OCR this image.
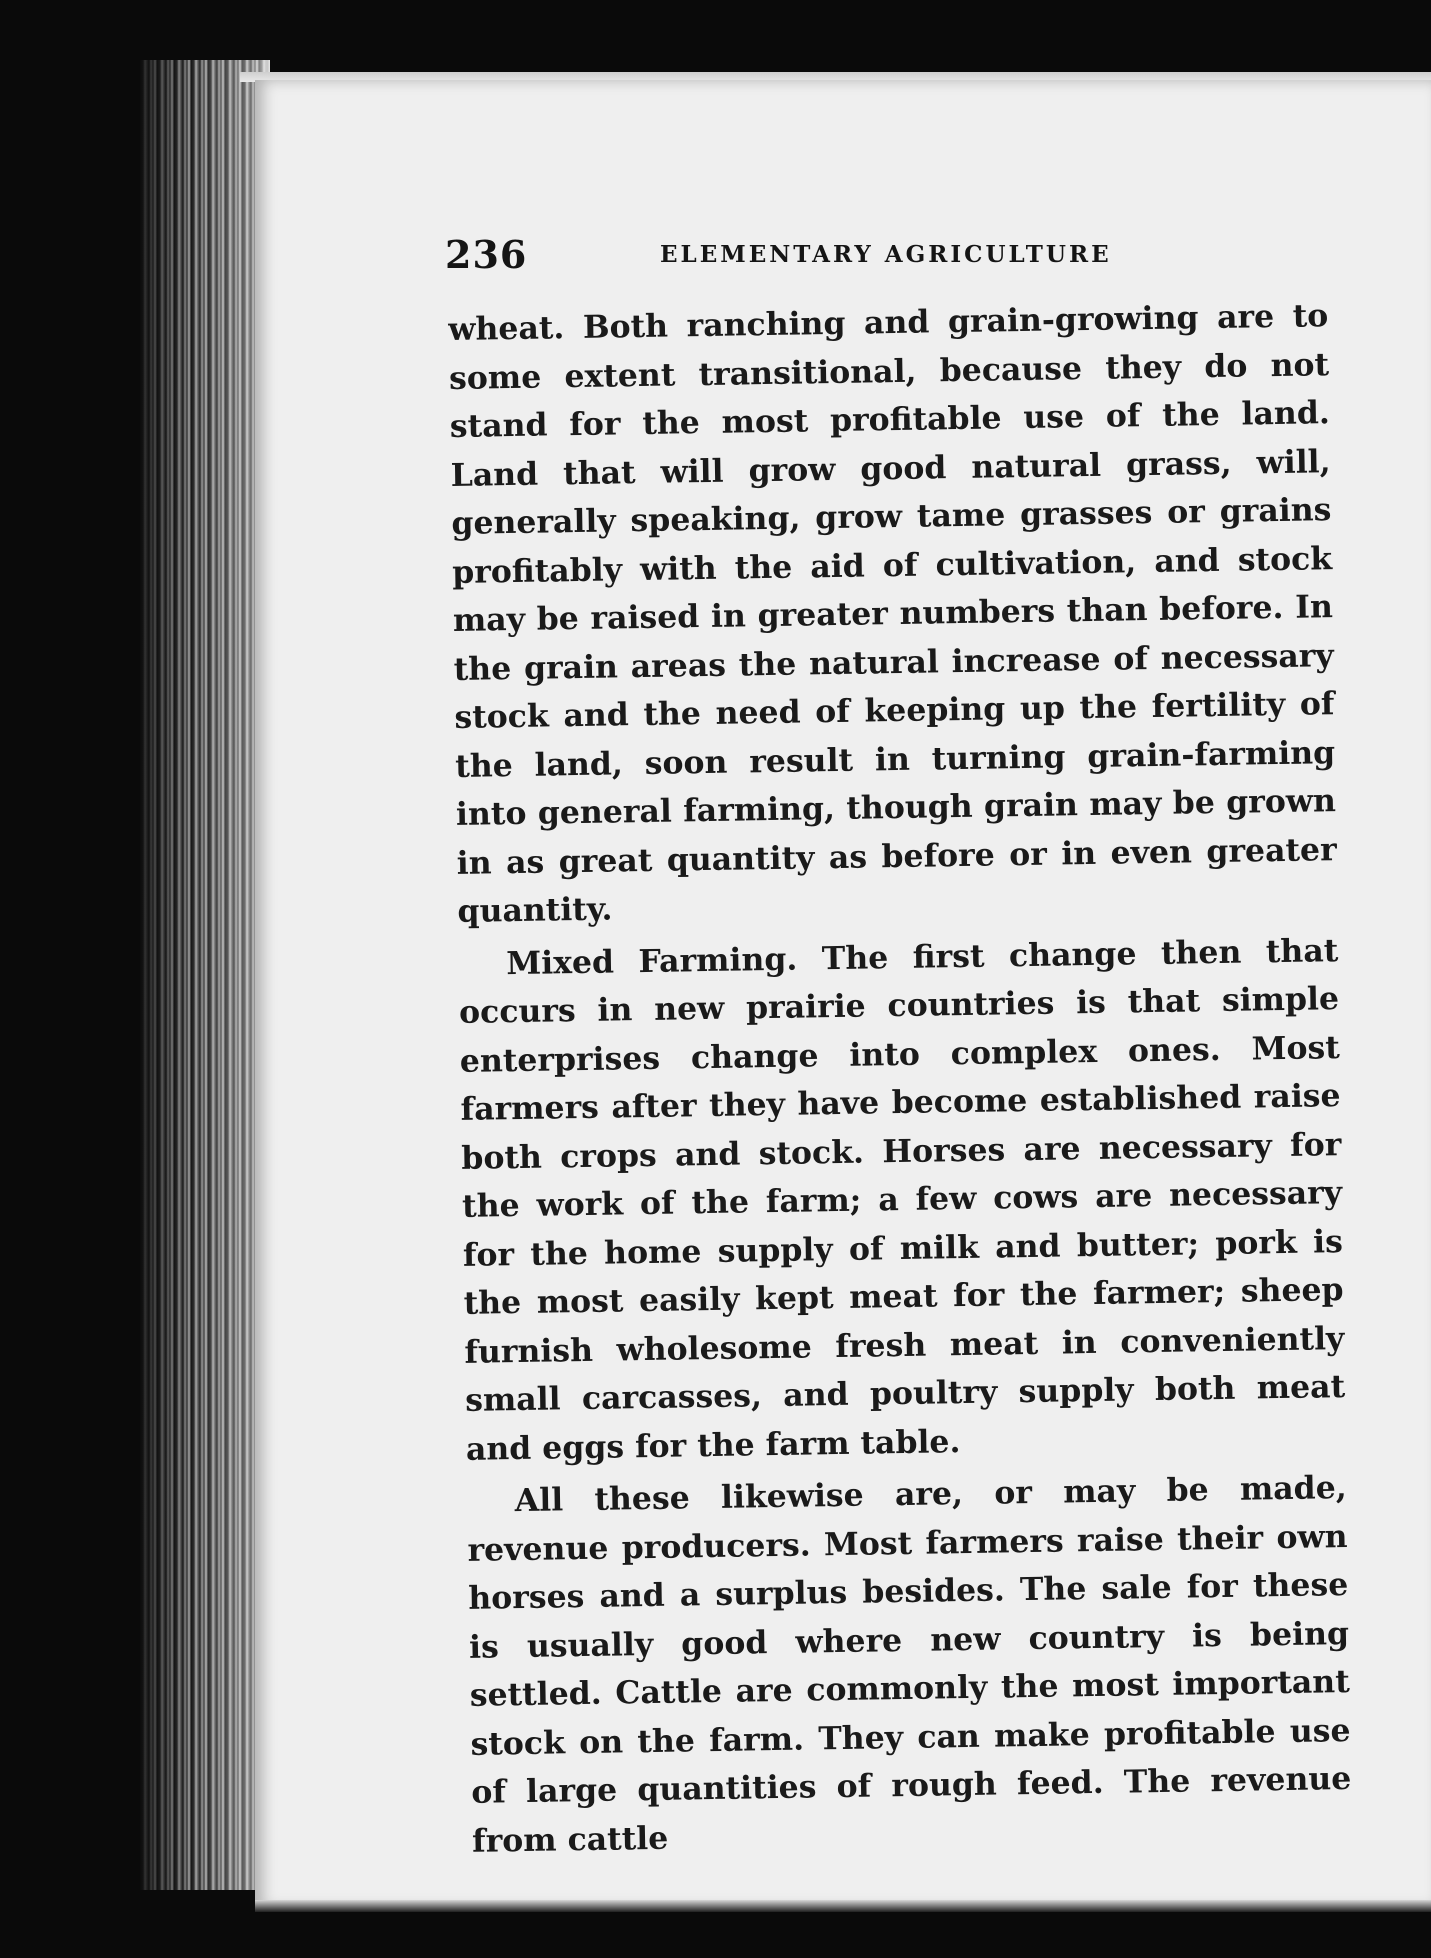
236	ELEMENTARY AGRICULTURE

wheat. Both ranching and grain-growing are to some extent transitional, because they do not stand for the most profitable use of the land. Land that will grow good natural grass, will, generally speaking, grow tame grasses or grains profitably with the aid of cultivation, and stock may be raised in greater numbers than before. In the grain areas the natural increase of necessary stock and the need of keeping up the fertility of the land, soon result in turning grain-farming into general farming, though grain may be grown in as great quantity as before or in even greater quantity.

Mixed Farming. The first change then that occurs in new prairie countries is that simple enterprises change into complex ones. Most farmers after they have become established raise both crops and stock. Horses are necessary for the work of the farm; a few cows are necessary for the home supply of milk and butter; pork is the most easily kept meat for the farmer; sheep furnish wholesome fresh meat in conveniently small carcasses, and poultry supply both meat and eggs for the farm table.

All these likewise are, or may be made, revenue producers. Most farmers raise their own horses and a surplus besides. The sale for these is usually good where new country is being settled. Cattle are commonly the most important stock on the farm. They can make profitable use of large quantities of rough feed. The revenue from cattle
